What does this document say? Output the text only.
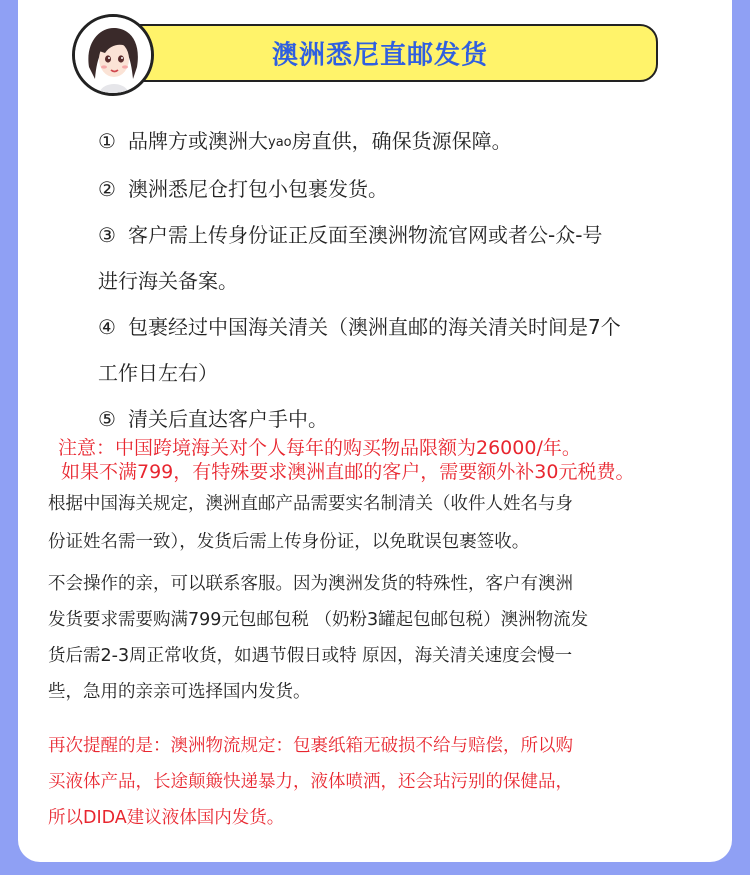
澳洲悉尼直邮发货
① 品牌方或澳洲大yao房直供，确保货源保障。
② 澳洲悉尼仓打包小包裹发货。
③ 客户需上传身份证正反面至澳洲物流官网或者公-众-号
进行海关备案。
④ 包裹经过中国海关清关（澳洲直邮的海关清关时间是7个
工作日左右）
⑤ 清关后直达客户手中。
注意：中国跨境海关对个人每年的购买物品限额为26000/年。
如果不满799，有特殊要求澳洲直邮的客户，需要额外补30元税费。
根据中国海关规定，澳洲直邮产品需要实名制清关（收件人姓名与身
份证姓名需一致），发货后需上传身份证，以免耽误包裹签收。
不会操作的亲，可以联系客服。因为澳洲发货的特殊性，客户有澳洲
发货要求需要购满799元包邮包税 （奶粉3罐起包邮包税）澳洲物流发
货后需2-3周正常收货，如遇节假日或特 原因，海关清关速度会慢一
些，急用的亲亲可选择国内发货。
再次提醒的是：澳洲物流规定：包裹纸箱无破损不给与赔偿，所以购
买液体产品，长途颠簸快递暴力，液体喷洒，还会玷污别的保健品，
所以DIDA建议液体国内发货。
